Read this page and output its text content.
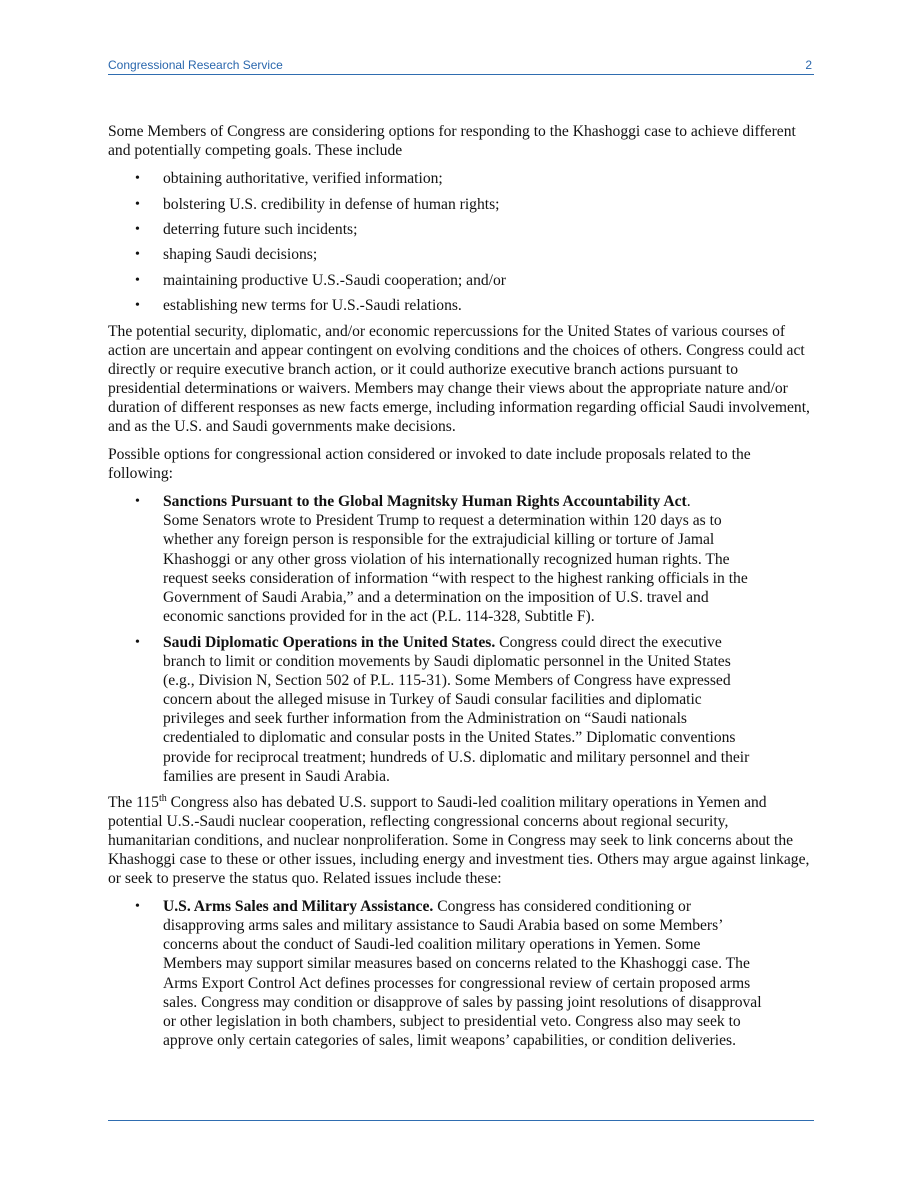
Congressional Research Service	2

Some Members of Congress are considering options for responding to the Khashoggi case to achieve different and potentially competing goals. These include

• obtaining authoritative, verified information;
• bolstering U.S. credibility in defense of human rights;
• deterring future such incidents;
• shaping Saudi decisions;
• maintaining productive U.S.-Saudi cooperation; and/or
• establishing new terms for U.S.-Saudi relations.

The potential security, diplomatic, and/or economic repercussions for the United States of various courses of action are uncertain and appear contingent on evolving conditions and the choices of others. Congress could act directly or require executive branch action, or it could authorize executive branch actions pursuant to presidential determinations or waivers. Members may change their views about the appropriate nature and/or duration of different responses as new facts emerge, including information regarding official Saudi involvement, and as the U.S. and Saudi governments make decisions.

Possible options for congressional action considered or invoked to date include proposals related to the following:

• Sanctions Pursuant to the Global Magnitsky Human Rights Accountability Act.
Some Senators wrote to President Trump to request a determination within 120 days as to whether any foreign person is responsible for the extrajudicial killing or torture of Jamal Khashoggi or any other gross violation of his internationally recognized human rights. The request seeks consideration of information “with respect to the highest ranking officials in the Government of Saudi Arabia,” and a determination on the imposition of U.S. travel and economic sanctions provided for in the act (P.L. 114-328, Subtitle F).
• Saudi Diplomatic Operations in the United States. Congress could direct the executive branch to limit or condition movements by Saudi diplomatic personnel in the United States (e.g., Division N, Section 502 of P.L. 115-31). Some Members of Congress have expressed concern about the alleged misuse in Turkey of Saudi consular facilities and diplomatic privileges and seek further information from the Administration on “Saudi nationals credentialed to diplomatic and consular posts in the United States.” Diplomatic conventions provide for reciprocal treatment; hundreds of U.S. diplomatic and military personnel and their families are present in Saudi Arabia.

The 115th Congress also has debated U.S. support to Saudi-led coalition military operations in Yemen and potential U.S.-Saudi nuclear cooperation, reflecting congressional concerns about regional security, humanitarian conditions, and nuclear nonproliferation. Some in Congress may seek to link concerns about the Khashoggi case to these or other issues, including energy and investment ties. Others may argue against linkage, or seek to preserve the status quo. Related issues include these:

• U.S. Arms Sales and Military Assistance. Congress has considered conditioning or disapproving arms sales and military assistance to Saudi Arabia based on some Members’ concerns about the conduct of Saudi-led coalition military operations in Yemen. Some Members may support similar measures based on concerns related to the Khashoggi case. The Arms Export Control Act defines processes for congressional review of certain proposed arms sales. Congress may condition or disapprove of sales by passing joint resolutions of disapproval or other legislation in both chambers, subject to presidential veto. Congress also may seek to approve only certain categories of sales, limit weapons’ capabilities, or condition deliveries.
